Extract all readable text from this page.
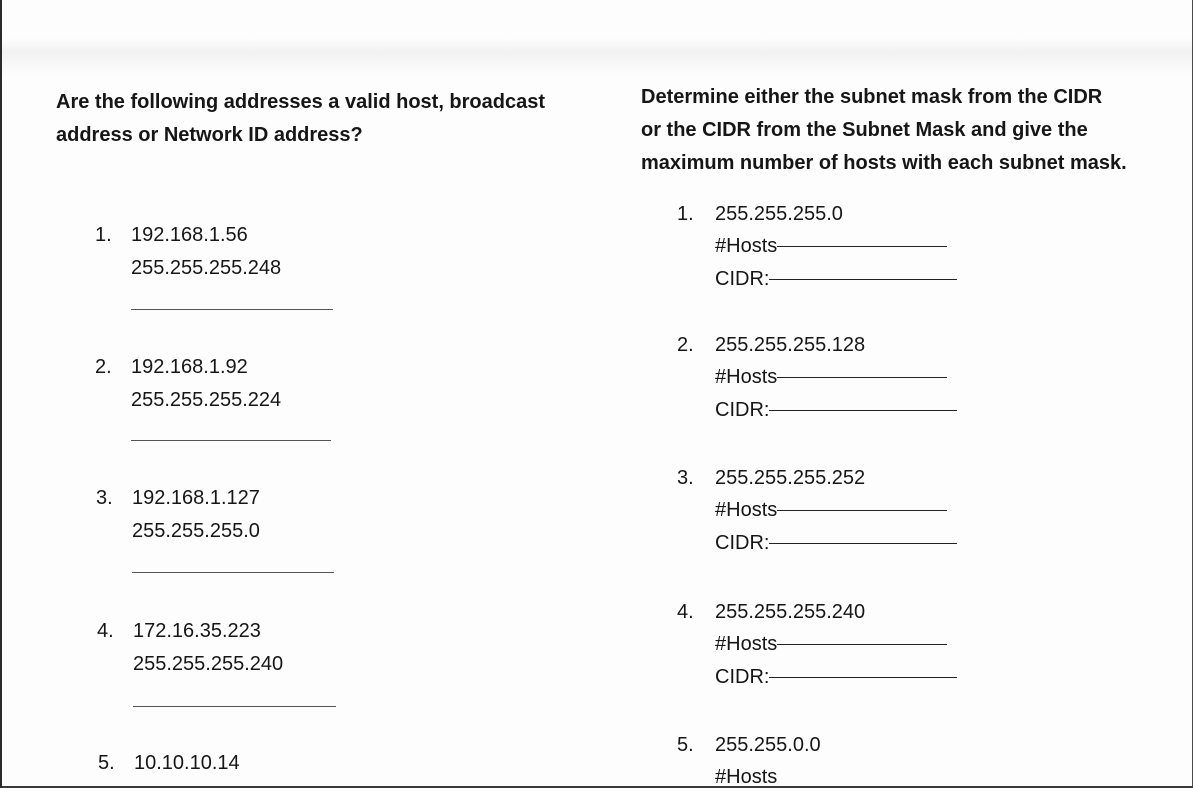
Are the following addresses a valid host, broadcast
address or Network ID address?
Determine either the subnet mask from the CIDR
or the CIDR from the Subnet Mask and give the
maximum number of hosts with each subnet mask.
1. 192.168.1.56
255.255.255.248
2. 192.168.1.92
255.255.255.224
3. 192.168.1.127
255.255.255.0
4. 172.16.35.223
255.255.255.240
5. 10.10.10.14
1. 255.255.255.0
#Hosts
CIDR:
2. 255.255.255.128
#Hosts
CIDR:
3. 255.255.255.252
#Hosts
CIDR:
4. 255.255.255.240
#Hosts
CIDR:
5. 255.255.0.0
#Hosts
